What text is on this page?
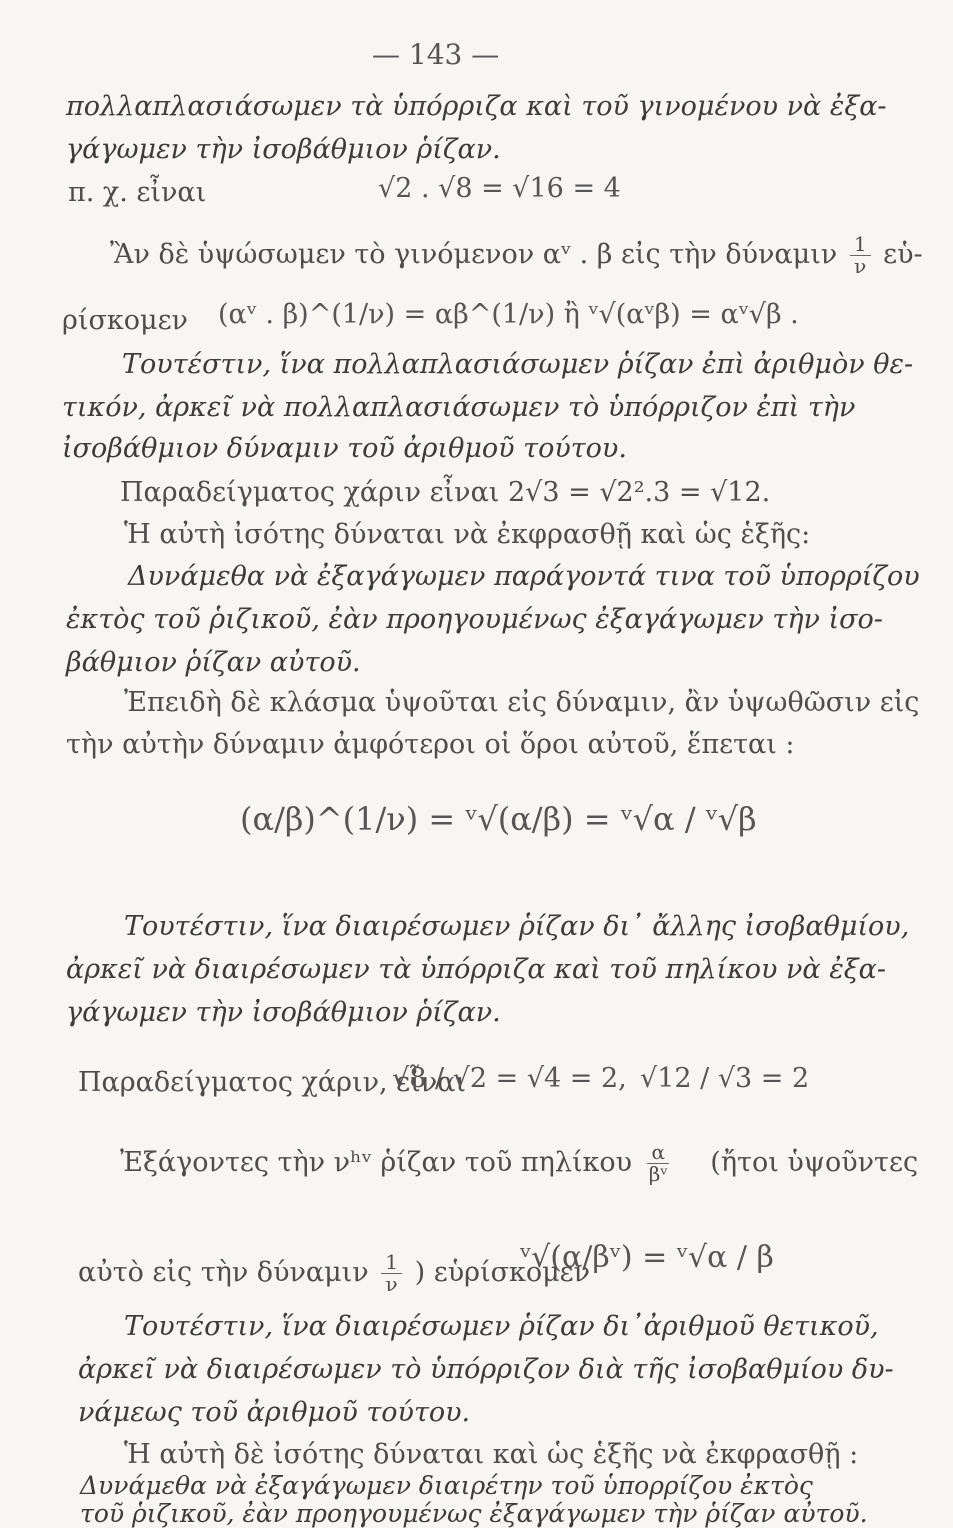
— 143 —
πολλαπλασιάσωμεν τὰ ὑπόρριζα καὶ τοῦ γινομένου νὰ ἐξα-
γάγωμεν τὴν ἰσοβάθμιον ῥίζαν.
π. χ. εἶναι	√2 . √8 = √16 = 4
Ἂν δὲ ὑψώσωμεν τὸ γινόμενον αᵛ . β εἰς τὴν δύναμιν $\frac{1}{\nu}$ εὑ-
ρίσκομεν (αᵛ . β)^(1/ν) = αβ^(1/ν) ἢ ᵛ√(αᵛβ) = αᵛ√β .
Τουτέστιν, ἵνα πολλαπλασιάσωμεν ῥίζαν ἐπὶ ἀριθμὸν θε-
τικόν, ἀρκεῖ νὰ πολλαπλασιάσωμεν τὸ ὑπόρριζον ἐπὶ τὴν
ἰσοβάθμιον δύναμιν τοῦ ἀριθμοῦ τούτου.
Παραδείγματος χάριν εἶναι 2√3 = √2².3 = √12.
Ἡ αὐτὴ ἰσότης δύναται νὰ ἐκφρασθῇ καὶ ὡς ἑξῆς:
Δυνάμεθα νὰ ἐξαγάγωμεν παράγοντά τινα τοῦ ὑπορρίζου
ἐκτὸς τοῦ ῥιζικοῦ, ἐὰν προηγουμένως ἐξαγάγωμεν τὴν ἰσο-
βάθμιον ῥίζαν αὐτοῦ.
Ἐπειδὴ δὲ κλάσμα ὑψοῦται εἰς δύναμιν, ἂν ὑψωθῶσιν εἰς
τὴν αὐτὴν δύναμιν ἀμφότεροι οἱ ὅροι αὐτοῦ, ἕπεται :
(α/β)^(1/ν) = ᵛ√(α/β) = ᵛ√α / ᵛ√β
Τουτέστιν, ἵνα διαιρέσωμεν ῥίζαν δι᾽ ἄλλης ἰσοβαθμίου,
ἀρκεῖ νὰ διαιρέσωμεν τὰ ὑπόρριζα καὶ τοῦ πηλίκου νὰ ἐξα-
γάγωμεν τὴν ἰσοβάθμιον ῥίζαν.
Παραδείγματος χάριν, εἶναι
√8 / √2 = √4 = 2, √12 / √3 = 2
Ἐξάγοντες τὴν νʰᵛ ῥίζαν τοῦ πηλίκου $\frac{\alpha}{\text{βᵛ}}$ (ἤτοι ὑψοῦντες
αὐτὸ εἰς τὴν δύναμιν $\frac{1}{\nu}$ ) εὑρίσκομεν
ᵛ√(α/βᵛ) = ᵛ√α / β
Τουτέστιν, ἵνα διαιρέσωμεν ῥίζαν δι᾽ἀριθμοῦ θετικοῦ,
ἀρκεῖ νὰ διαιρέσωμεν τὸ ὑπόρριζον διὰ τῆς ἰσοβαθμίου δυ-
νάμεως τοῦ ἀριθμοῦ τούτου.
Ἡ αὐτὴ δὲ ἰσότης δύναται καὶ ὡς ἑξῆς νὰ ἐκφρασθῇ :
Δυνάμεθα νὰ ἐξαγάγωμεν διαιρέτην τοῦ ὑπορρίζου ἐκτὸς
τοῦ ῥιζικοῦ, ἐὰν προηγουμένως ἐξαγάγωμεν τὴν ῥίζαν αὐτοῦ.
